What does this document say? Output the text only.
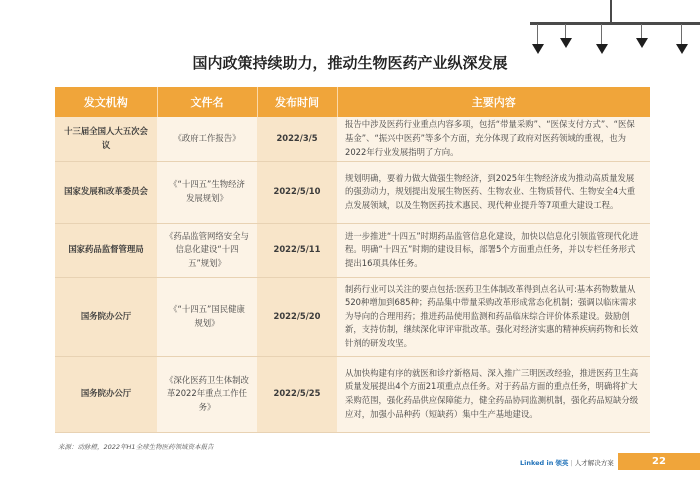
国内政策持续助力，推动生物医药产业纵深发展
发文机构	文件名	发布时间	主要内容
十三届全国人大五次会议	《政府工作报告》	2022/3/5	报告中涉及医药行业重点内容多项，包括“带量采购”、“医保支付方式”、“医保基金”、“振兴中医药”等多个方面，充分体现了政府对医药领域的重视，也为2022年行业发展指明了方向。
国家发展和改革委员会	《“十四五”生物经济发展规划》	2022/5/10	规划明确，要着力做大做强生物经济，到2025年生物经济成为推动高质量发展的强劲动力，规划提出发展生物医药、生物农业、生物质替代、生物安全4大重点发展领域，以及生物医药技术惠民、现代种业提升等7项重大建设工程。
国家药品监督管理局	《药品监管网络安全与信息化建设“十四五”规划》	2022/5/11	进一步推进“十四五”时期药品监管信息化建设，加快以信息化引领监管现代化进程。明确“十四五”时期的建设目标，部署5个方面重点任务，并以专栏任务形式提出16项具体任务。
国务院办公厅	《“十四五”国民健康规划》	2022/5/20	制药行业可以关注的要点包括:医药卫生体制改革得到点名认可:基本药物数量从520种增加到685种；药品集中带量采购改革形成常态化机制；强调以临床需求为导向的合理用药；推进药品使用监测和药品临床综合评价体系建设。鼓励创新，支持仿制，继续深化审评审批改革。强化对经济实惠的精神疾病药物和长效针剂的研发攻坚。
国务院办公厅	《深化医药卫生体制改革2022年重点工作任务》	2022/5/25	从加快构建有序的就医和诊疗新格局、深入推广三明医改经验，推进医药卫生高质量发展提出4个方面21项重点点任务。对于药品方面的重点任务，明确将扩大采购范围，强化药品供应保障能力，健全药品协同监测机制，强化药品短缺分级应对，加强小品种药（短缺药）集中生产基地建设。
来源：动脉橙，2022年H1全球生物医药领域资本报告
Linked in 领英 | 人才解决方案	22
